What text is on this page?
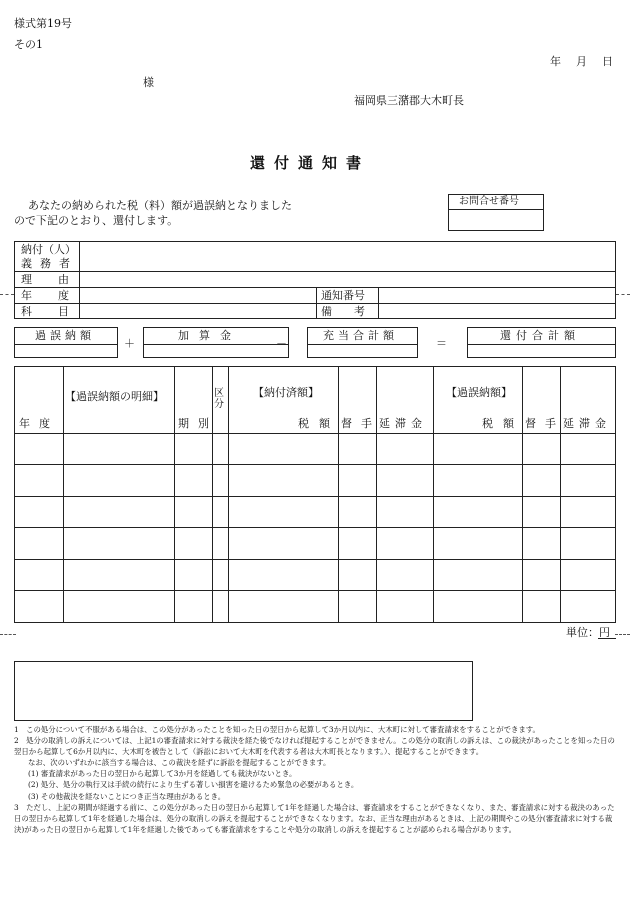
様式第19号
その1
年　月　日
様
福岡県三潴郡大木町長
還付通知書
あなたの納められた税（料）額が過誤納となりました
ので下記のとおり、還付します。
お問合せ番号
納付（人）
義務者
理由
年度
科目
通知番号
備考
過誤納額
＋
加算金
－
充当合計額
＝
還付合計額
【過誤納額の明細】
年度	期別
区分
【納付済額】
税額 督手
延滞金
【過誤納額】
税額 督手
延滞金
単位：円
1　この処分について不服がある場合は、この処分があったことを知った日の翌日から起算して3か月以内に、大木町に対して審査請求をすることができます。
2　処分の取消しの訴えについては、上記1の審査請求に対する裁決を経た後でなければ提起することができません。この処分の取消しの訴えは、この裁決があったことを知った日の翌日から起算して6か月以内に、大木町を被告として（訴訟において大木町を代表する者は大木町長となります。）、提起することができます。
なお、次のいずれかに該当する場合は、この裁決を経ずに訴訟を提起することができます。
(1) 審査請求があった日の翌日から起算して3か月を経過しても裁決がないとき。
(2) 処分、処分の執行又は手続の続行により生ずる著しい損害を避けるため緊急の必要があるとき。
(3) その他裁決を経ないことにつき正当な理由があるとき。
3　ただし、上記の期間が経過する前に、この処分があった日の翌日から起算して1年を経過した場合は、審査請求をすることができなくなり、また、審査請求に対する裁決のあった日の翌日から起算して1年を経過した場合は、処分の取消しの訴えを提起することができなくなります。なお、正当な理由があるときは、上記の期間やこの処分(審査請求に対する裁決)があった日の翌日から起算して1年を経過した後であっても審査請求をすることや処分の取消しの訴えを提起することが認められる場合があります。
